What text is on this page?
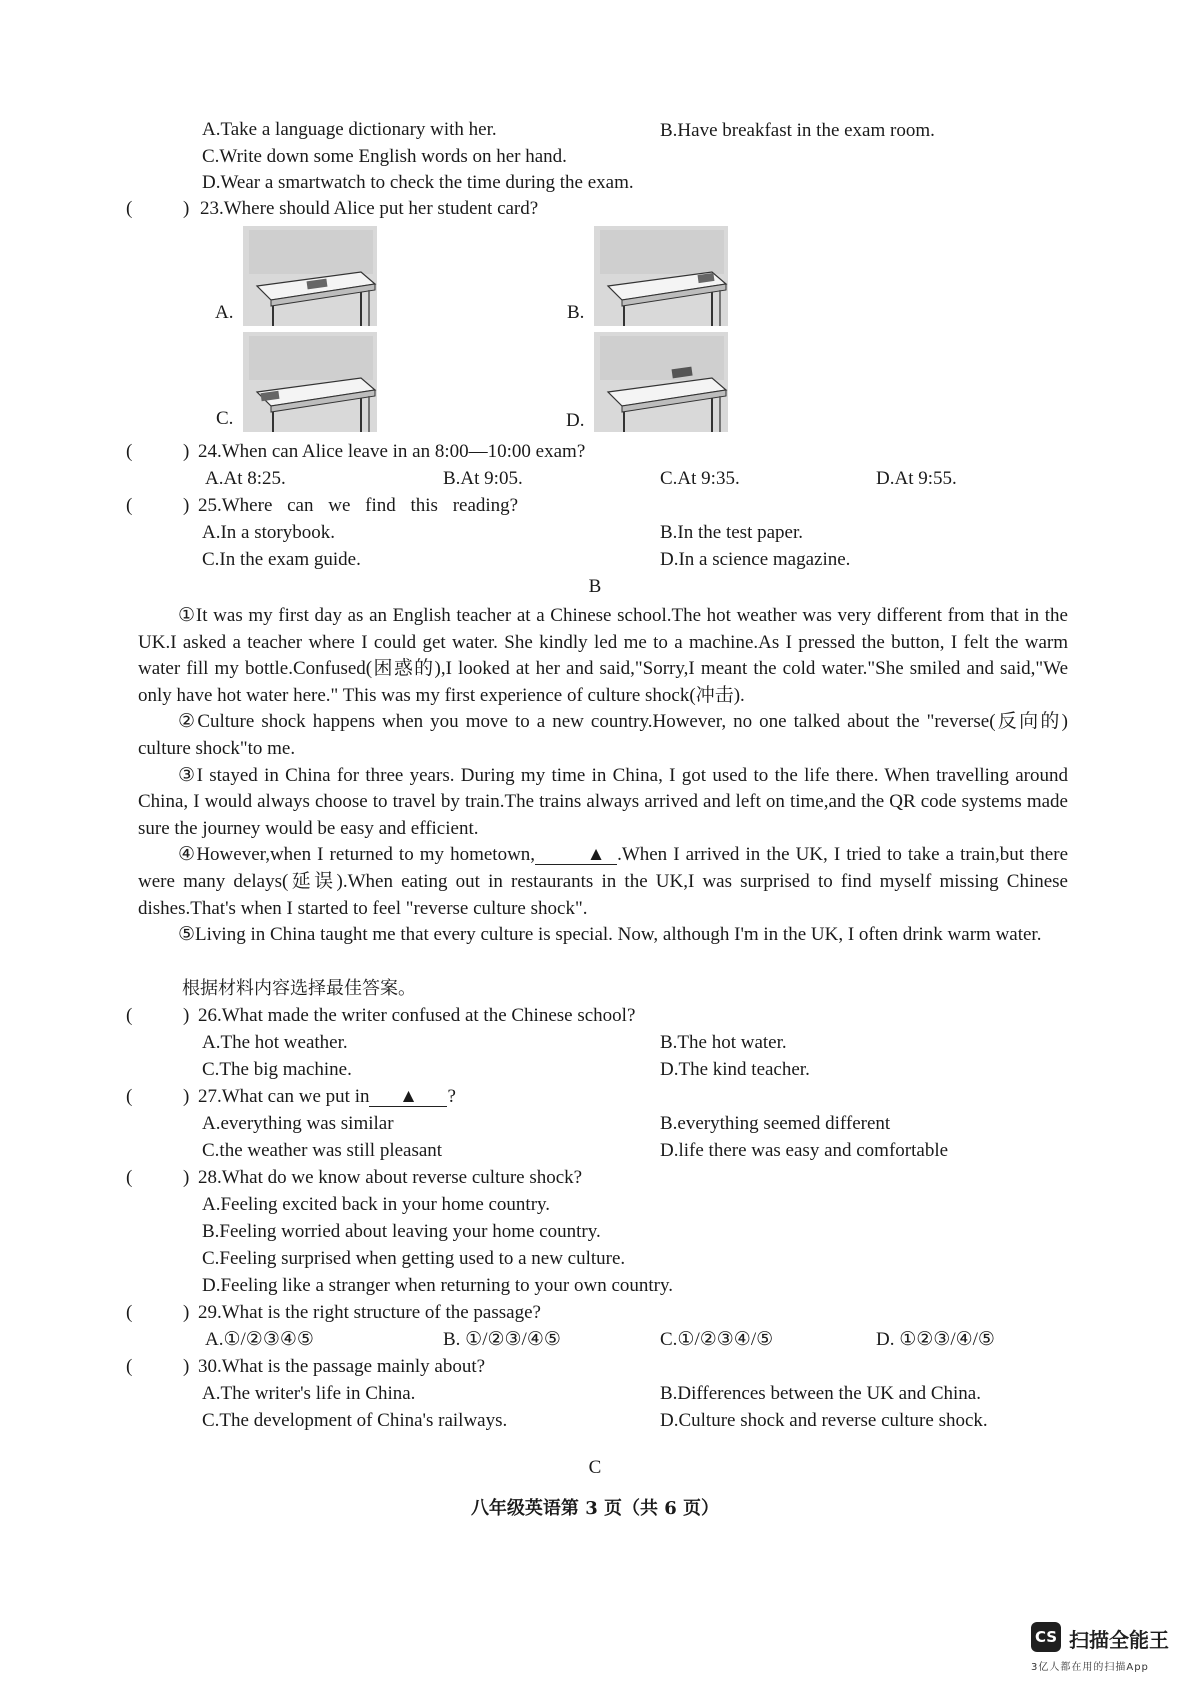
A.Take a language dictionary with her.	B.Have breakfast in the exam room.
C.Write down some English words on her hand.
D.Wear a smartwatch to check the time during the exam.
(	) 23.Where should Alice put her student card?
A.	B.
C.	D.
(	) 24.When can Alice leave in an 8:00—10:00 exam?
A.At 8:25.	B.At 9:05.	C.At 9:35.	D.At 9:55.
(	) 25.Where can we find this reading?
A.In a storybook.	B.In the test paper.
C.In the exam guide.	D.In a science magazine.
B
①It was my first day as an English teacher at a Chinese school.The hot weather was very different from that in the UK.I asked a teacher where I could get water. She kindly led me to a machine.As I pressed the button, I felt the warm water fill my bottle.Confused(困惑的),I looked at her and said,"Sorry,I meant the cold water."She smiled and said,"We only have hot water here." This was my first experience of culture shock(冲击).
②Culture shock happens when you move to a new country.However, no one talked about the "reverse(反向的) culture shock"to me.
③I stayed in China for three years. During my time in China, I got used to the life there. When travelling around China, I would always choose to travel by train.The trains always arrived and left on time,and the QR code systems made sure the journey would be easy and efficient.
④However,when I returned to my hometown,	▲ .When I arrived in the UK, I tried to take a train,but there were many delays(延误).When eating out in restaurants in the UK,I was surprised to find myself missing Chinese dishes.That's when I started to feel "reverse culture shock".
⑤Living in China taught me that every culture is special. Now, although I'm in the UK, I often drink warm water.
根据材料内容选择最佳答案。
(	) 26.What made the writer confused at the Chinese school?
A.The hot weather.	B.The hot water.
C.The big machine.	D.The kind teacher.
(	) 27.What can we put in ▲ ?
A.everything was similar	B.everything seemed different
C.the weather was still pleasant	D.life there was easy and comfortable
(	) 28.What do we know about reverse culture shock?
A.Feeling excited back in your home country.
B.Feeling worried about leaving your home country.
C.Feeling surprised when getting used to a new culture.
D.Feeling like a stranger when returning to your own country.
(	) 29.What is the right structure of the passage?
A.①/②③④⑤	B. ①/②③/④⑤	C.①/②③④/⑤	D. ①②③/④/⑤
(	) 30.What is the passage mainly about?
A.The writer's life in China.	B.Differences between the UK and China.
C.The development of China's railways.	D.Culture shock and reverse culture shock.
C
八年级英语第 3 页（共 6 页）
CS 扫描全能王
3亿人都在用的扫描App
